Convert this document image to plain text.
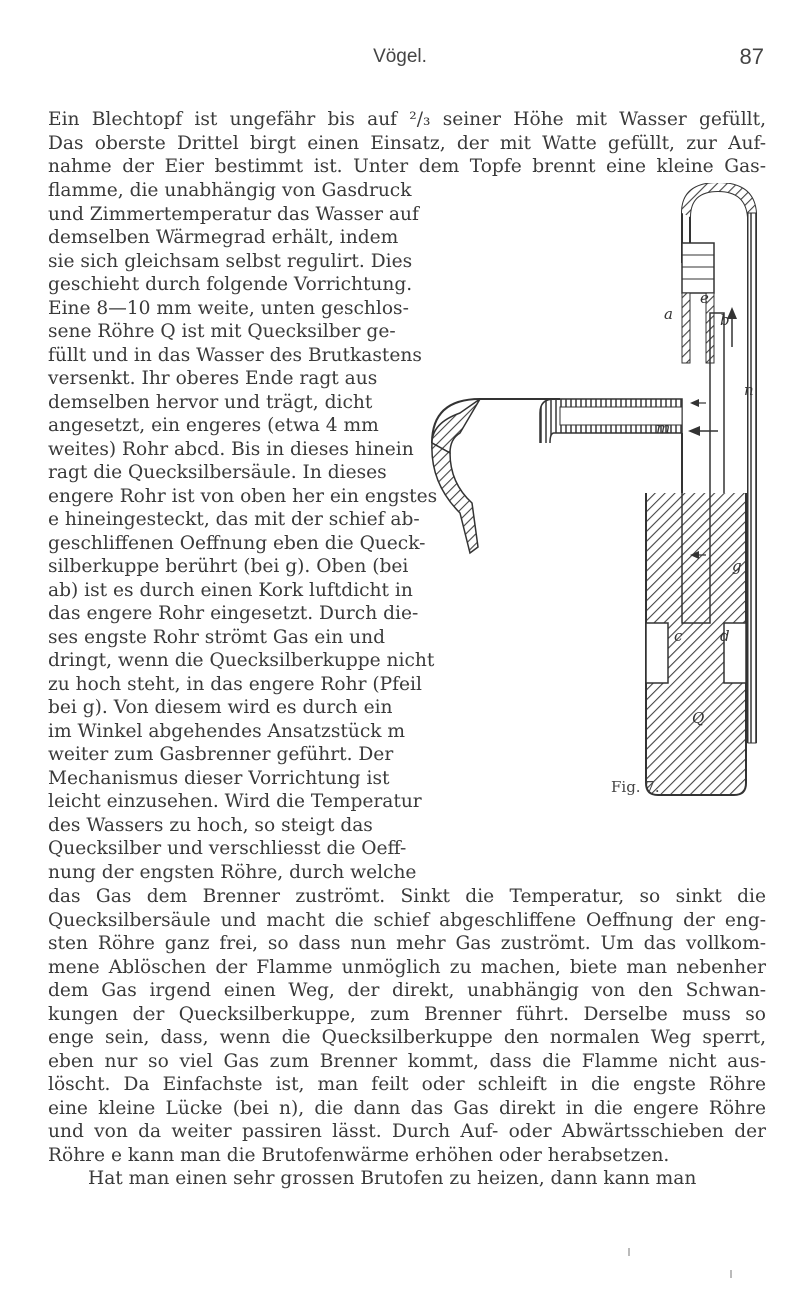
Vögel.	87
Ein Blechtopf ist ungefähr bis auf ²/₃ seiner Höhe mit Wasser gefüllt,
Das oberste Drittel birgt einen Einsatz, der mit Watte gefüllt, zur Auf-
nahme der Eier bestimmt ist. Unter dem Topfe brennt eine kleine Gas-
flamme, die unabhängig von Gasdruck
und Zimmertemperatur das Wasser auf
demselben Wärmegrad erhält, indem
sie sich gleichsam selbst regulirt. Dies
geschieht durch folgende Vorrichtung.
Eine 8—10 mm weite, unten geschlos-
sene Röhre Q ist mit Quecksilber ge-
füllt und in das Wasser des Brutkastens
versenkt. Ihr oberes Ende ragt aus
demselben hervor und trägt, dicht
angesetzt, ein engeres (etwa 4 mm
weites) Rohr abcd. Bis in dieses hinein
ragt die Quecksilbersäule. In dieses
engere Rohr ist von oben her ein engstes
e hineingesteckt, das mit der schief ab-
geschliffenen Oeffnung eben die Queck-
silberkuppe berührt (bei g). Oben (bei
ab) ist es durch einen Kork luftdicht in
das engere Rohr eingesetzt. Durch die-
ses engste Rohr strömt Gas ein und
dringt, wenn die Quecksilberkuppe nicht
zu hoch steht, in das engere Rohr (Pfeil
bei g). Von diesem wird es durch ein
im Winkel abgehendes Ansatzstück m
weiter zum Gasbrenner geführt. Der
Mechanismus dieser Vorrichtung ist
leicht einzusehen. Wird die Temperatur
des Wassers zu hoch, so steigt das
Quecksilber und verschliesst die Oeff-
nung der engsten Röhre, durch welche
a	b
e
n
m
g
c	d
Q
Fig. 7.
das Gas dem Brenner zuströmt. Sinkt die Temperatur, so sinkt die
Quecksilbersäule und macht die schief abgeschliffene Oeffnung der eng-
sten Röhre ganz frei, so dass nun mehr Gas zuströmt. Um das vollkom-
mene Ablöschen der Flamme unmöglich zu machen, biete man nebenher
dem Gas irgend einen Weg, der direkt, unabhängig von den Schwan-
kungen der Quecksilberkuppe, zum Brenner führt. Derselbe muss so
enge sein, dass, wenn die Quecksilberkuppe den normalen Weg sperrt,
eben nur so viel Gas zum Brenner kommt, dass die Flamme nicht aus-
löscht. Da Einfachste ist, man feilt oder schleift in die engste Röhre
eine kleine Lücke (bei n), die dann das Gas direkt in die engere Röhre
und von da weiter passiren lässt. Durch Auf- oder Abwärtsschieben der
Röhre e kann man die Brutofenwärme erhöhen oder herabsetzen.
Hat man einen sehr grossen Brutofen zu heizen, dann kann man
